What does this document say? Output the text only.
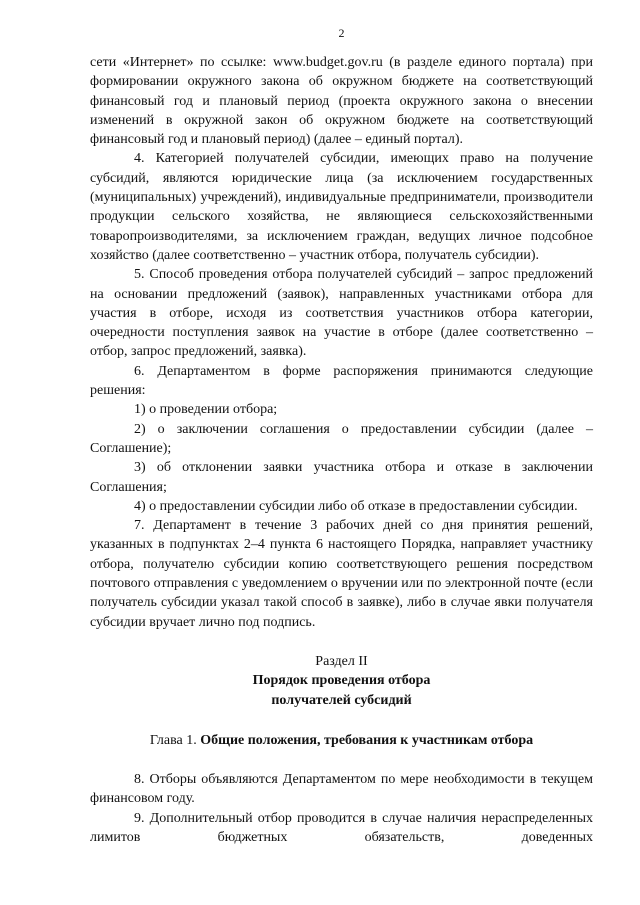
2

сети «Интернет» по ссылке: www.budget.gov.ru (в разделе единого портала) при формировании окружного закона об окружном бюджете на соответствующий финансовый год и плановый период (проекта окружного закона о внесении изменений в окружной закон об окружном бюджете на соответствующий финансовый год и плановый период) (далее – единый портал).

4. Категорией получателей субсидии, имеющих право на получение субсидий, являются юридические лица (за исключением государственных (муниципальных) учреждений), индивидуальные предприниматели, производители продукции сельского хозяйства, не являющиеся сельскохозяйственными товаропроизводителями, за исключением граждан, ведущих личное подсобное хозяйство (далее соответственно – участник отбора, получатель субсидии).

5. Способ проведения отбора получателей субсидий – запрос предложений на основании предложений (заявок), направленных участниками отбора для участия в отборе, исходя из соответствия участников отбора категории, очередности поступления заявок на участие в отборе (далее соответственно – отбор, запрос предложений, заявка).

6. Департаментом в форме распоряжения принимаются следующие решения:

1) о проведении отбора;

2) о заключении соглашения о предоставлении субсидии (далее – Соглашение);

3) об отклонении заявки участника отбора и отказе в заключении Соглашения;

4) о предоставлении субсидии либо об отказе в предоставлении субсидии.

7. Департамент в течение 3 рабочих дней со дня принятия решений, указанных в подпунктах 2–4 пункта 6 настоящего Порядка, направляет участнику отбора, получателю субсидии копию соответствующего решения посредством почтового отправления с уведомлением о вручении или по электронной почте (если получатель субсидии указал такой способ в заявке), либо в случае явки получателя субсидии вручает лично под подпись.

Раздел II

Порядок проведения отбора

получателей субсидий

Глава 1. Общие положения, требования к участникам отбора

8. Отборы объявляются Департаментом по мере необходимости в текущем финансовом году.

9. Дополнительный отбор проводится в случае наличия нераспределенных лимитов бюджетных обязательств, доведенных
